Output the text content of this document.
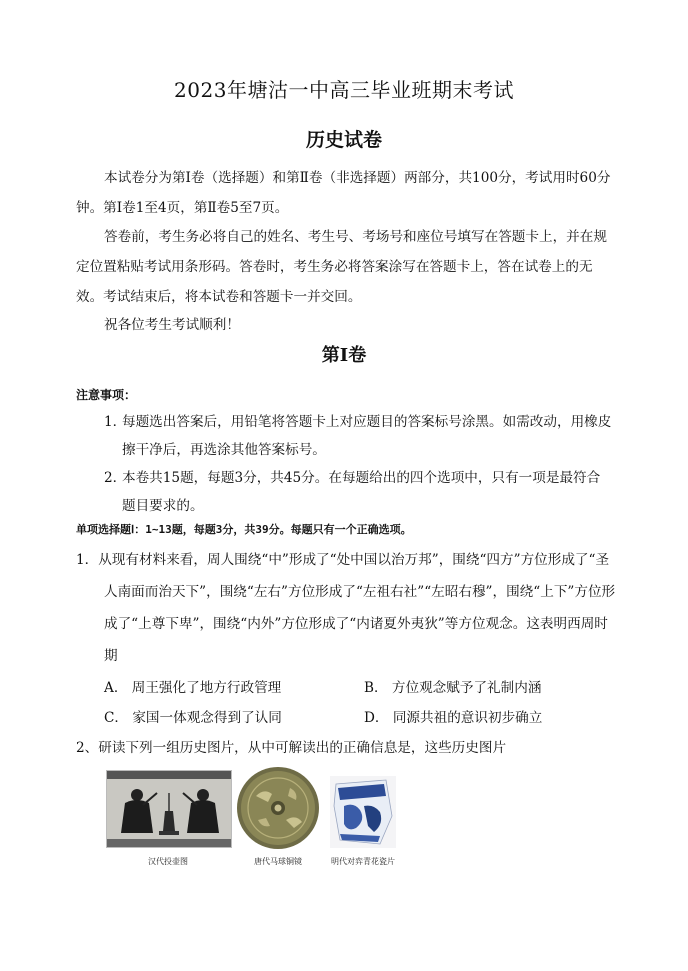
2023年塘沽一中高三毕业班期末考试
历史试卷
本试卷分为第Ⅰ卷（选择题）和第Ⅱ卷（非选择题）两部分，共100分，考试用时60分钟。第Ⅰ卷1至4页，第Ⅱ卷5至7页。
答卷前，考生务必将自己的姓名、考生号、考场号和座位号填写在答题卡上，并在规定位置粘贴考试用条形码。答卷时，考生务必将答案涂写在答题卡上，答在试卷上的无效。考试结束后，将本试卷和答题卡一并交回。
祝各位考生考试顺利！
第Ⅰ卷
注意事项：
1．
每题选出答案后，用铅笔将答题卡上对应题目的答案标号涂黑。如需改动，用橡皮擦干净后，再选涂其他答案标号。
2．
本卷共15题，每题3分，共45分。在每题给出的四个选项中，只有一项是最符合题目要求的。
单项选择题Ⅰ：1~13题，每题3分，共39分。每题只有一个正确选项。
1．从现有材料来看，周人围绕“中”形成了“处中国以治万邦”，围绕“四方”方位形成了“圣人南面而治天下”，围绕“左右”方位形成了“左祖右社”“左昭右穆”，围绕“上下”方位形成了“上尊下卑”，围绕“内外”方位形成了“内诸夏外夷狄”等方位观念。这表明西周时期
A． 周王强化了地方行政管理	B． 方位观念赋予了礼制内涵
C． 家国一体观念得到了认同	D． 同源共祖的意识初步确立
2、研读下列一组历史图片，从中可解读出的正确信息是，这些历史图片
汉代投壶图	唐代马球铜镜	明代对弈青花瓷片
